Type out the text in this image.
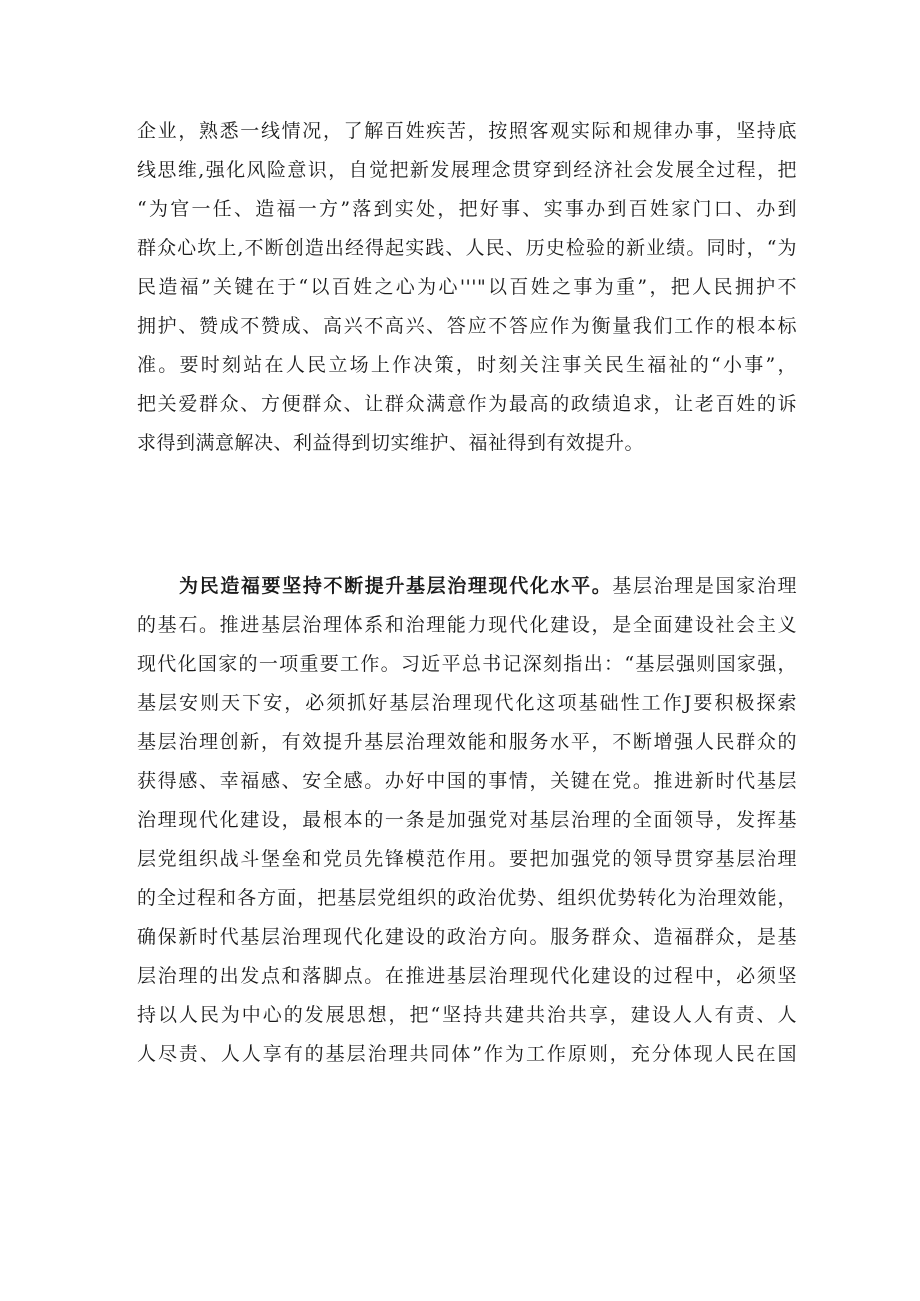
企业，熟悉一线情况，了解百姓疾苦，按照客观实际和规律办事，坚持底
线思维,强化风险意识，自觉把新发展理念贯穿到经济社会发展全过程，把
“为官一任、造福一方”落到实处，把好事、实事办到百姓家门口、办到
群众心坎上,不断创造出经得起实践、人民、历史检验的新业绩。同时，“为
民造福”关键在于“以百姓之心为心'''"以百姓之事为重”，把人民拥护不
拥护、赞成不赞成、高兴不高兴、答应不答应作为衡量我们工作的根本标
准。要时刻站在人民立场上作决策，时刻关注事关民生福祉的“小事”，
把关爱群众、方便群众、让群众满意作为最高的政绩追求，让老百姓的诉
求得到满意解决、利益得到切实维护、福祉得到有效提升。
为民造福要坚持不断提升基层治理现代化水平。基层治理是国家治理
的基石。推进基层治理体系和治理能力现代化建设，是全面建设社会主义
现代化国家的一项重要工作。习近平总书记深刻指出：“基层强则国家强，
基层安则天下安，必须抓好基层治理现代化这项基础性工作J要积极探索
基层治理创新，有效提升基层治理效能和服务水平，不断增强人民群众的
获得感、幸福感、安全感。办好中国的事情，关键在党。推进新时代基层
治理现代化建设，最根本的一条是加强党对基层治理的全面领导，发挥基
层党组织战斗堡垒和党员先锋模范作用。要把加强党的领导贯穿基层治理
的全过程和各方面，把基层党组织的政治优势、组织优势转化为治理效能，
确保新时代基层治理现代化建设的政治方向。服务群众、造福群众，是基
层治理的出发点和落脚点。在推进基层治理现代化建设的过程中，必须坚
持以人民为中心的发展思想，把“坚持共建共治共享，建设人人有责、人
人尽责、人人享有的基层治理共同体”作为工作原则，充分体现人民在国
